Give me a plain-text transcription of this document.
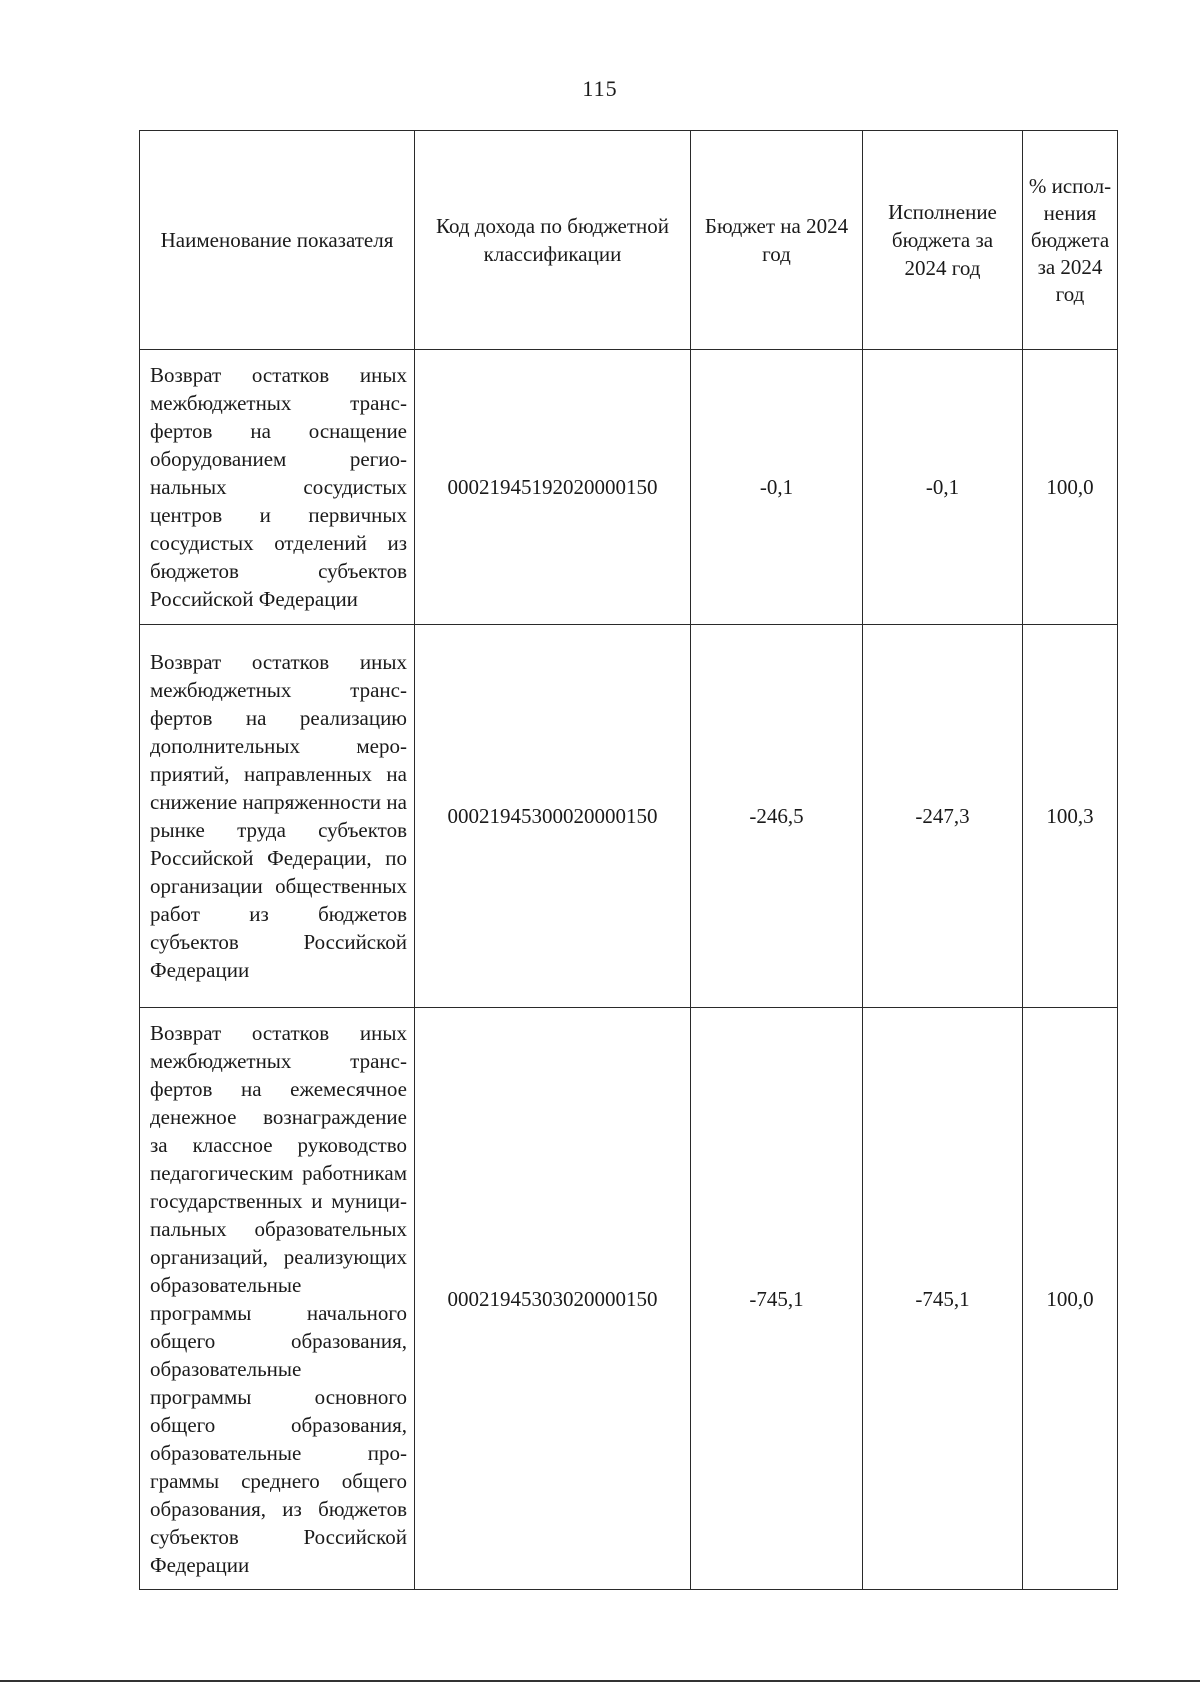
115
Наименование показателя	Код дохода по бюджетной классификации	Бюджет на 2024 год	Исполнение бюджета за 2024 год	% исполнения бюджета за 2024 год

Возврат остатков иных межбюджетных трансфертов на оснащение оборудованием региональных сосудистых центров и первичных сосудистых отделений из бюджетов субъектов Российской Федерации	00021945192020000150	-0,1	-0,1	100,0
Возврат остатков иных межбюджетных трансфертов на реализацию дополнительных мероприятий, направленных на снижение напряженности на рынке труда субъектов Российской Федерации, по организации общественных работ из бюджетов субъектов Российской Федерации	00021945300020000150	-246,5	-247,3	100,3
Возврат остатков иных межбюджетных трансфертов на ежемесячное денежное вознаграждение за классное руководство педагогическим работникам государственных и муниципальных образовательных организаций, реализующих образовательные программы начального общего образования, образовательные программы основного общего образования, образовательные программы среднего общего образования, из бюджетов субъектов Российской Федерации	00021945303020000150	-745,1	-745,1	100,0
